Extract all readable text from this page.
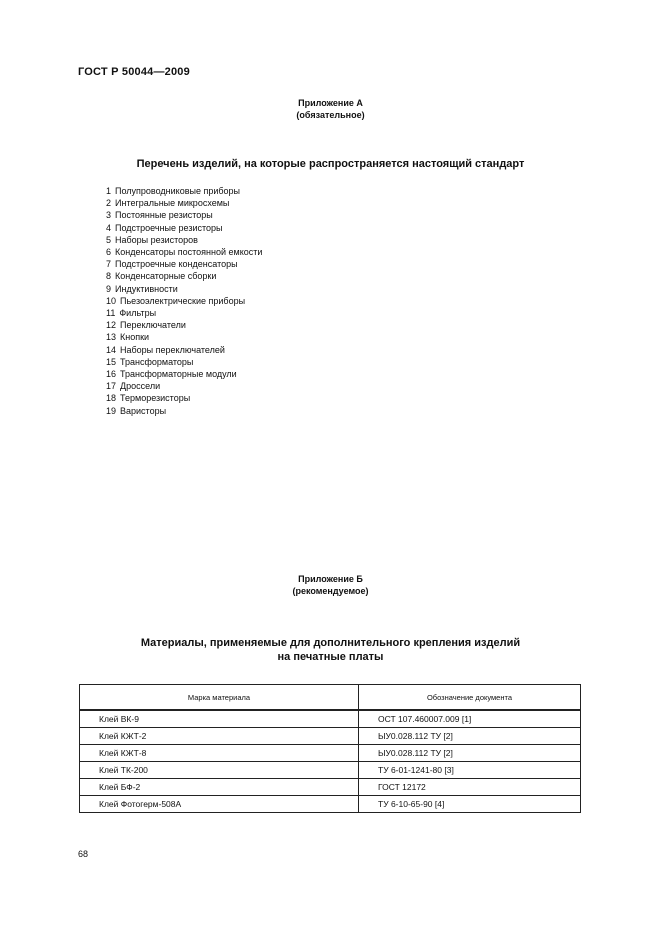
ГОСТ Р 50044—2009
Приложение А
(обязательное)
Перечень изделий, на которые распространяется настоящий стандарт
1 Полупроводниковые приборы
2 Интегральные микросхемы
3 Постоянные резисторы
4 Подстроечные резисторы
5 Наборы резисторов
6 Конденсаторы постоянной емкости
7 Подстроечные конденсаторы
8 Конденсаторные сборки
9 Индуктивности
10 Пьезоэлектрические приборы
11 Фильтры
12 Переключатели
13 Кнопки
14 Наборы переключателей
15 Трансформаторы
16 Трансформаторные модули
17 Дроссели
18 Терморезисторы
19 Варисторы
Приложение Б
(рекомендуемое)
Материалы, применяемые для дополнительного крепления изделий
на печатные платы
Марка материала	Обозначение документа
Клей ВК-9	ОСТ 107.460007.009 [1]
Клей КЖТ-2	ЫУ0.028.112 ТУ [2]
Клей КЖТ-8	ЫУ0.028.112 ТУ [2]
Клей ТК-200	ТУ 6-01-1241-80 [3]
Клей БФ-2	ГОСТ 12172
Клей Фотогерм-508А	ТУ 6-10-65-90 [4]
68
